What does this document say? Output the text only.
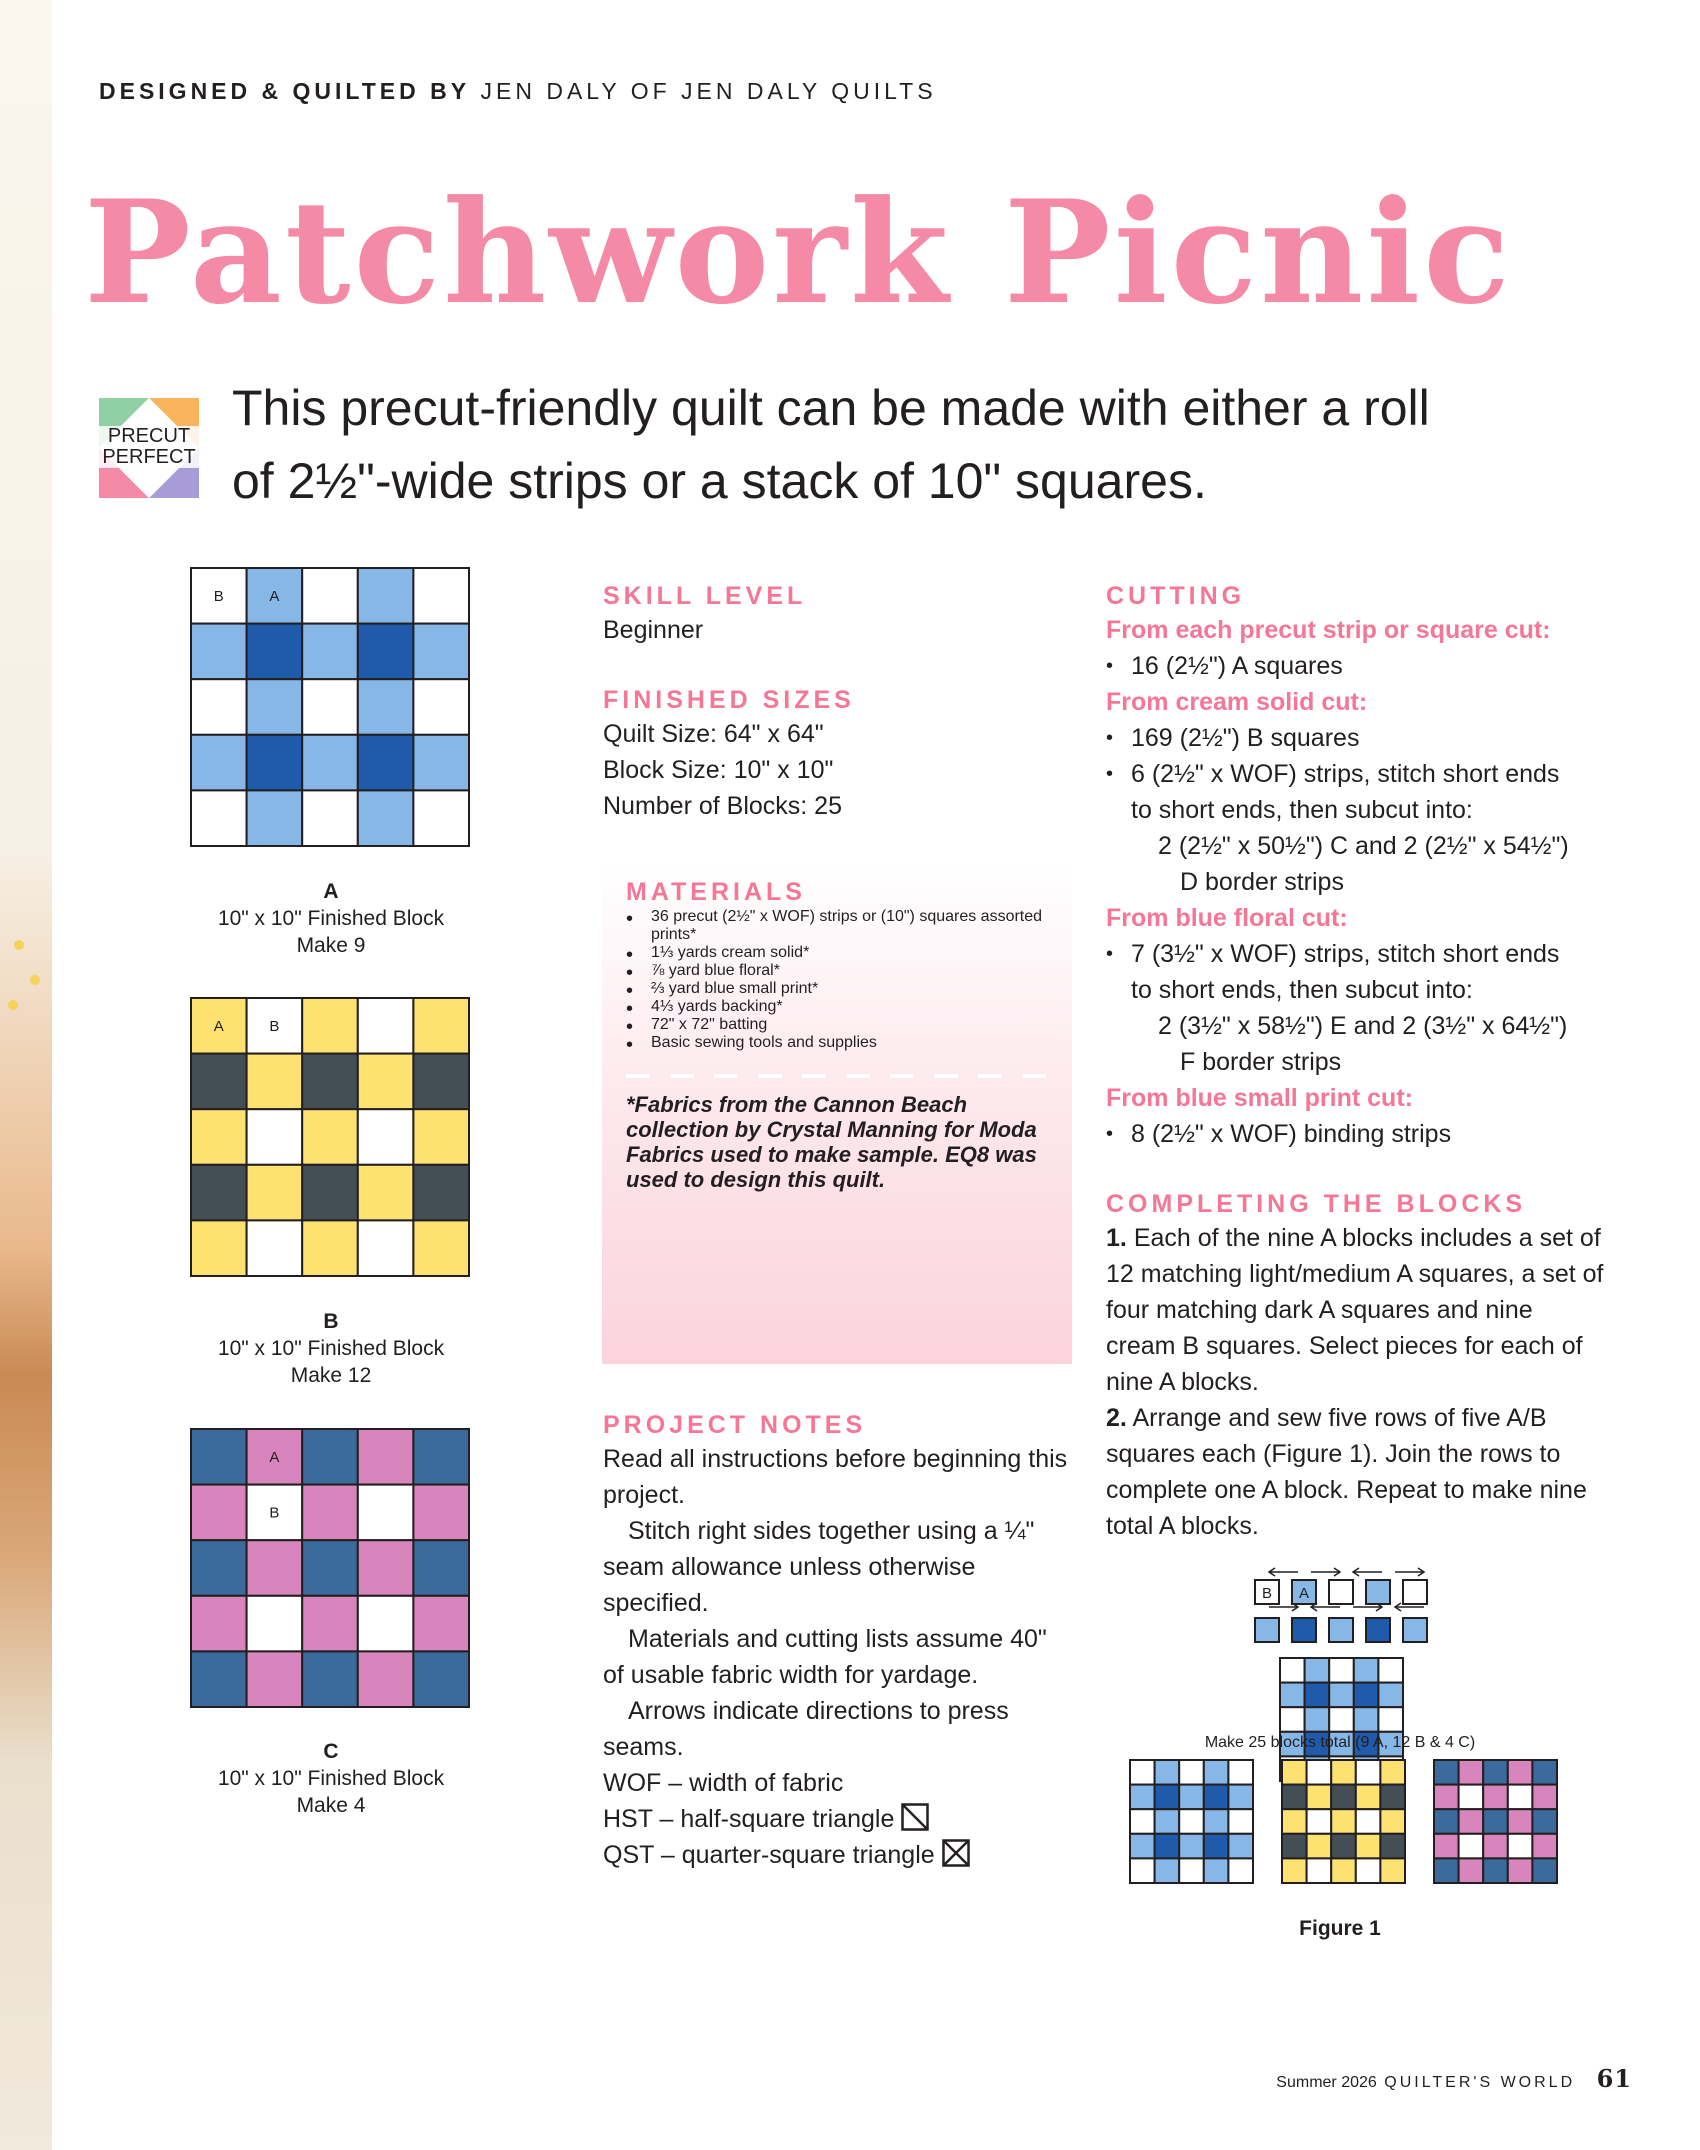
DESIGNED & QUILTED BY JEN DALY OF JEN DALY QUILTS
Patchwork Picnic
PRECUT
PERFECT
This precut-friendly quilt can be made with either a roll of 2½"-wide strips or a stack of 10" squares.
B	A
A
10" x 10" Finished Block
Make 9
A	B
B
10" x 10" Finished Block
Make 12
A
B
C
10" x 10" Finished Block
Make 4
SKILL LEVEL
Beginner
FINISHED SIZES
Quilt Size: 64" x 64"
Block Size: 10" x 10"
Number of Blocks: 25
MATERIALS
• 36 precut (2½" x WOF) strips or (10") squares assorted prints*
• 1⅓ yards cream solid*
• ⅞ yard blue floral*
• ⅔ yard blue small print*
• 4⅓ yards backing*
• 72" x 72" batting
• Basic sewing tools and supplies
*Fabrics from the Cannon Beach collection by Crystal Manning for Moda Fabrics used to make sample. EQ8 was used to design this quilt.
PROJECT NOTES
Read all instructions before beginning this project.
Stitch right sides together using a ¼" seam allowance unless otherwise specified.
Materials and cutting lists assume 40" of usable fabric width for yardage.
Arrows indicate directions to press seams.
WOF – width of fabric
HST – half-square triangle
QST – quarter-square triangle
CUTTING
From each precut strip or square cut:
• 16 (2½") A squares
From cream solid cut:
• 169 (2½") B squares
• 6 (2½" x WOF) strips, stitch short ends
to short ends, then subcut into:
2 (2½" x 50½") C and 2 (2½" x 54½")
D border strips
From blue floral cut:
• 7 (3½" x WOF) strips, stitch short ends
to short ends, then subcut into:
2 (3½" x 58½") E and 2 (3½" x 64½")
F border strips
From blue small print cut:
• 8 (2½" x WOF) binding strips
COMPLETING THE BLOCKS
1. Each of the nine A blocks includes a set of 12 matching light/medium A squares, a set of four matching dark A squares and nine cream B squares. Select pieces for each of nine A blocks.
2. Arrange and sew five rows of five A/B squares each (Figure 1). Join the rows to complete one A block. Repeat to make nine total A blocks.
B A
Make 25 blocks total (9 A, 12 B & 4 C)
Figure 1
Summer 2026 QUILTER'S WORLD 61
